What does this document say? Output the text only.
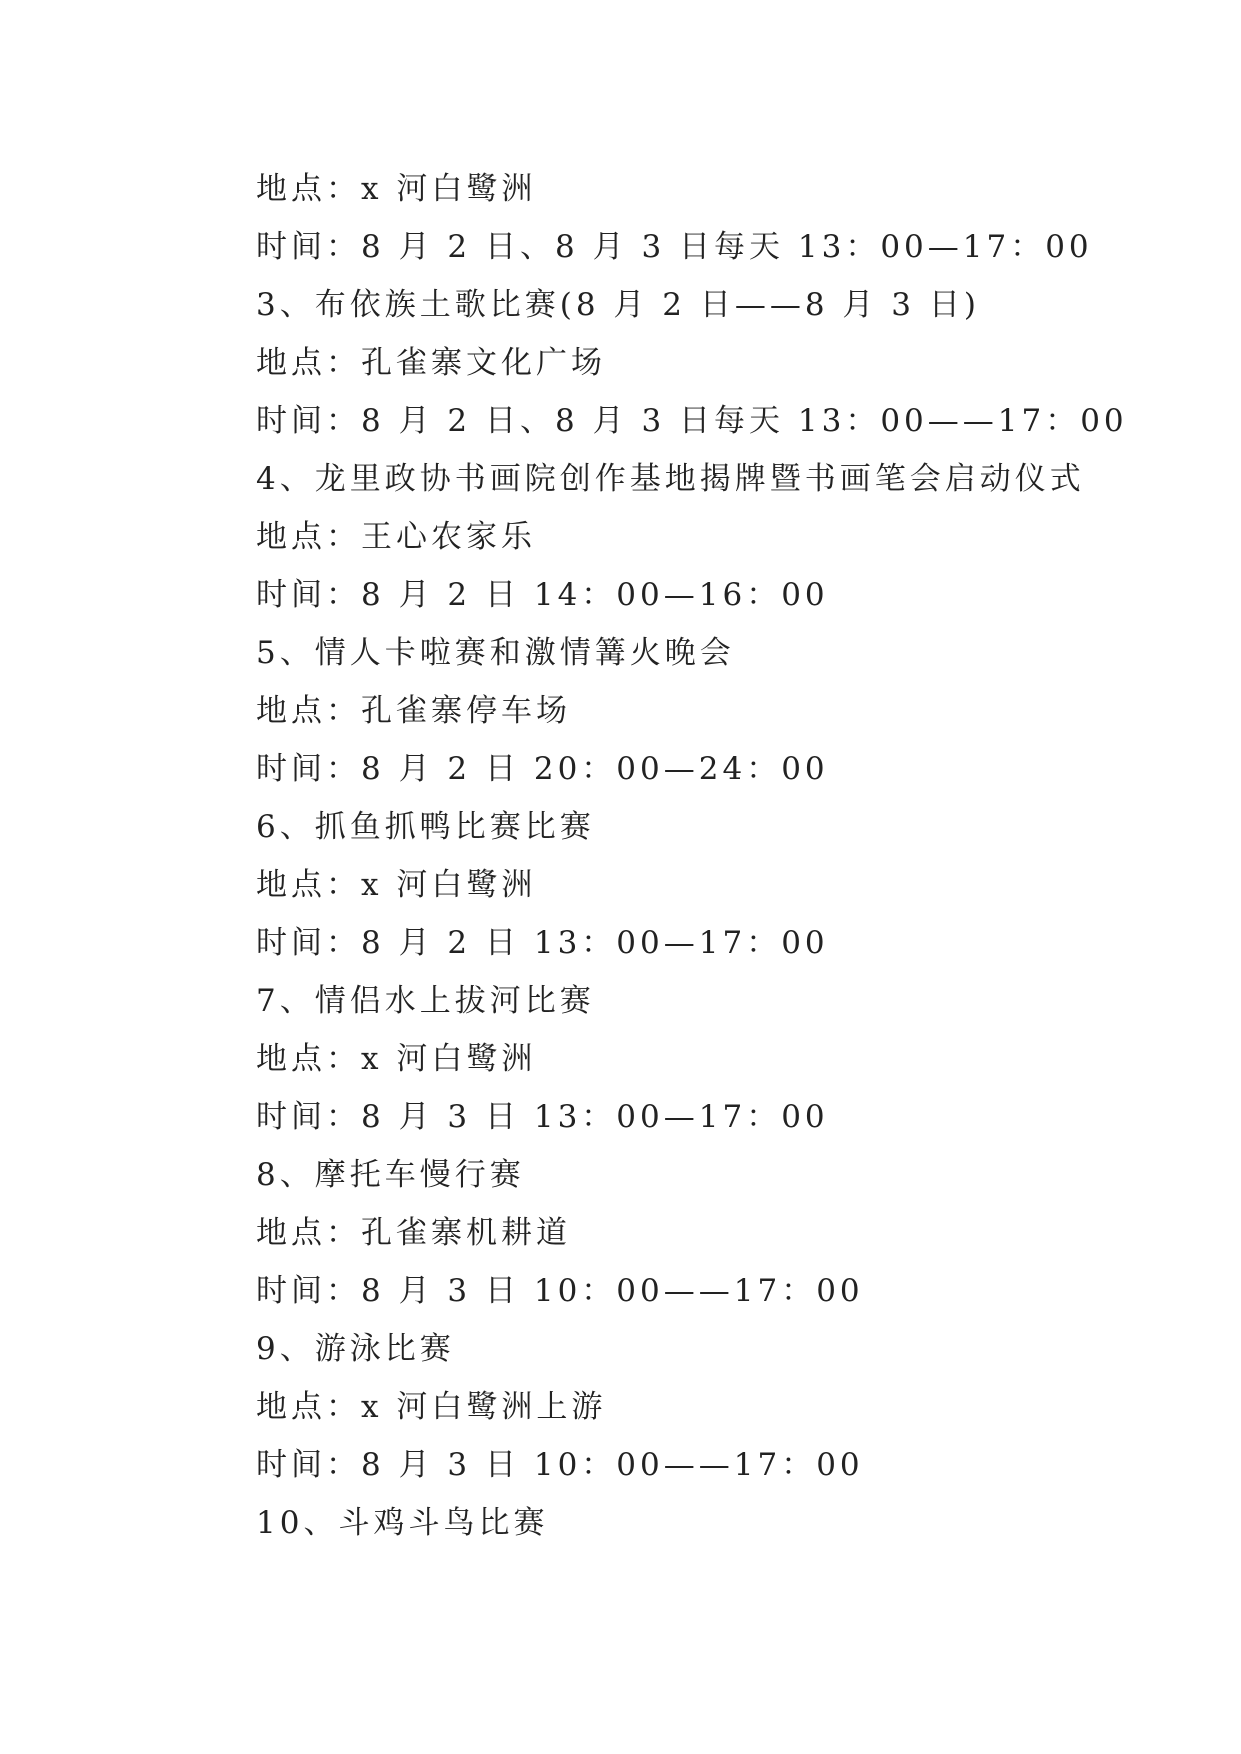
地点：x 河白鹭洲
时间：8 月 2 日、8 月 3 日每天 13：00—17：00
3、布依族土歌比赛(8 月 2 日——8 月 3 日)
地点：孔雀寨文化广场
时间：8 月 2 日、8 月 3 日每天 13：00——17：00
4、龙里政协书画院创作基地揭牌暨书画笔会启动仪式
地点：王心农家乐
时间：8 月 2 日 14：00—16：00
5、情人卡啦赛和激情篝火晚会
地点：孔雀寨停车场
时间：8 月 2 日 20：00—24：00
6、抓鱼抓鸭比赛比赛
地点：x 河白鹭洲
时间：8 月 2 日 13：00—17：00
7、情侣水上拔河比赛
地点：x 河白鹭洲
时间：8 月 3 日 13：00—17：00
8、摩托车慢行赛
地点：孔雀寨机耕道
时间：8 月 3 日 10：00——17：00
9、游泳比赛
地点：x 河白鹭洲上游
时间：8 月 3 日 10：00——17：00
10、斗鸡斗鸟比赛
